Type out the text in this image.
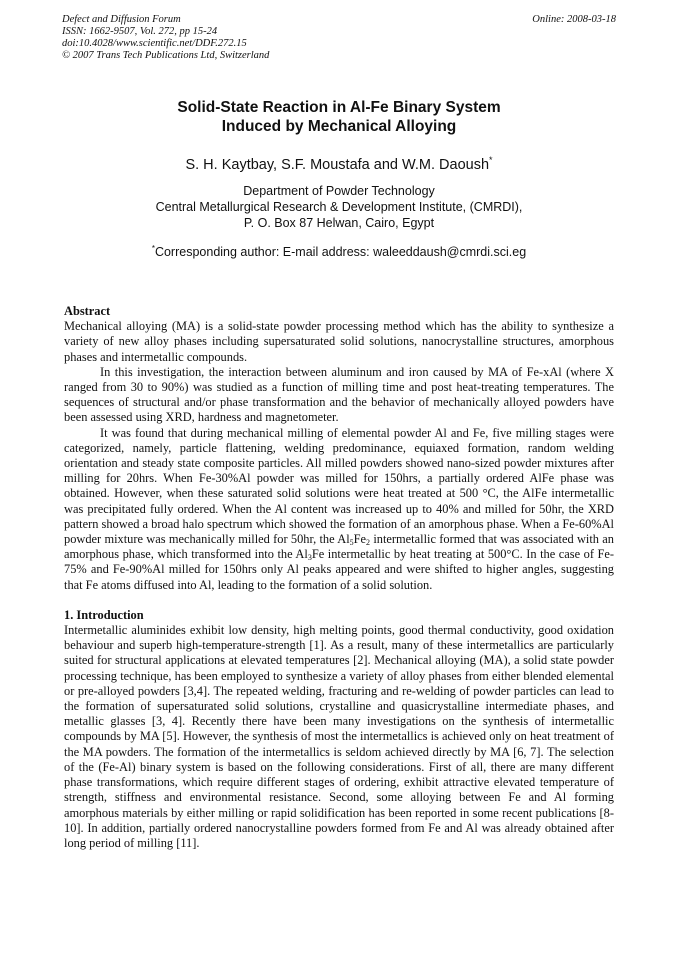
Defect and Diffusion Forum
ISSN: 1662-9507, Vol. 272, pp 15-24
doi:10.4028/www.scientific.net/DDF.272.15
© 2007 Trans Tech Publications Ltd, Switzerland
Online: 2008-03-18
Solid-State Reaction in Al-Fe Binary System
Induced by Mechanical Alloying
S. H. Kaytbay, S.F. Moustafa and W.M. Daoush*
Department of Powder Technology
Central Metallurgical Research & Development Institute, (CMRDI),
P. O. Box 87 Helwan, Cairo, Egypt
*Corresponding author: E-mail address: waleeddaush@cmrdi.sci.eg
Abstract

Mechanical alloying (MA) is a solid-state powder processing method which has the ability to synthesize a variety of new alloy phases including supersaturated solid solutions, nanocrystalline structures, amorphous phases and intermetallic compounds.

In this investigation, the interaction between aluminum and iron caused by MA of Fe-xAl (where X ranged from 30 to 90%) was studied as a function of milling time and post heat-treating temperatures. The sequences of structural and/or phase transformation and the behavior of mechanically alloyed powders have been assessed using XRD, hardness and magnetometer.

It was found that during mechanical milling of elemental powder Al and Fe, five milling stages were categorized, namely, particle flattening, welding predominance, equiaxed formation, random welding orientation and steady state composite particles. All milled powders showed nano-sized powder mixtures after milling for 20hrs. When Fe-30%Al powder was milled for 150hrs, a partially ordered AlFe phase was obtained. However, when these saturated solid solutions were heat treated at 500 °C, the AlFe intermetallic was precipitated fully ordered. When the Al content was increased up to 40% and milled for 50hr, the XRD pattern showed a broad halo spectrum which showed the formation of an amorphous phase. When a Fe-60%Al powder mixture was mechanically milled for 50hr, the $Al_5Fe_2$ intermetallic formed that was associated with an amorphous phase, which transformed into the $Al_3Fe$ intermetallic by heat treating at 500°C. In the case of Fe-75% and Fe-90%Al milled for 150hrs only Al peaks appeared and were shifted to higher angles, suggesting that Fe atoms diffused into Al, leading to the formation of a solid solution.

1. Introduction

Intermetallic aluminides exhibit low density, high melting points, good thermal conductivity, good oxidation behaviour and superb high-temperature-strength [1]. As a result, many of these intermetallics are particularly suited for structural applications at elevated temperatures [2]. Mechanical alloying (MA), a solid state powder processing technique, has been employed to synthesize a variety of alloy phases from either blended elemental or pre-alloyed powders [3,4]. The repeated welding, fracturing and re-welding of powder particles can lead to the formation of supersaturated solid solutions, crystalline and quasicrystalline intermediate phases, and metallic glasses [3, 4]. Recently there have been many investigations on the synthesis of intermetallic compounds by MA [5]. However, the synthesis of most the intermetallics is achieved only on heat treatment of the MA powders. The formation of the intermetallics is seldom achieved directly by MA [6, 7]. The selection of the (Fe-Al) binary system is based on the following considerations. First of all, there are many different phase transformations, which require different stages of ordering, exhibit attractive elevated temperature of strength, stiffness and environmental resistance. Second, some alloying between Fe and Al forming amorphous materials by either milling or rapid solidification has been reported in some recent publications [8-10]. In addition, partially ordered nanocrystalline powders formed from Fe and Al was already obtained after long period of milling [11].
